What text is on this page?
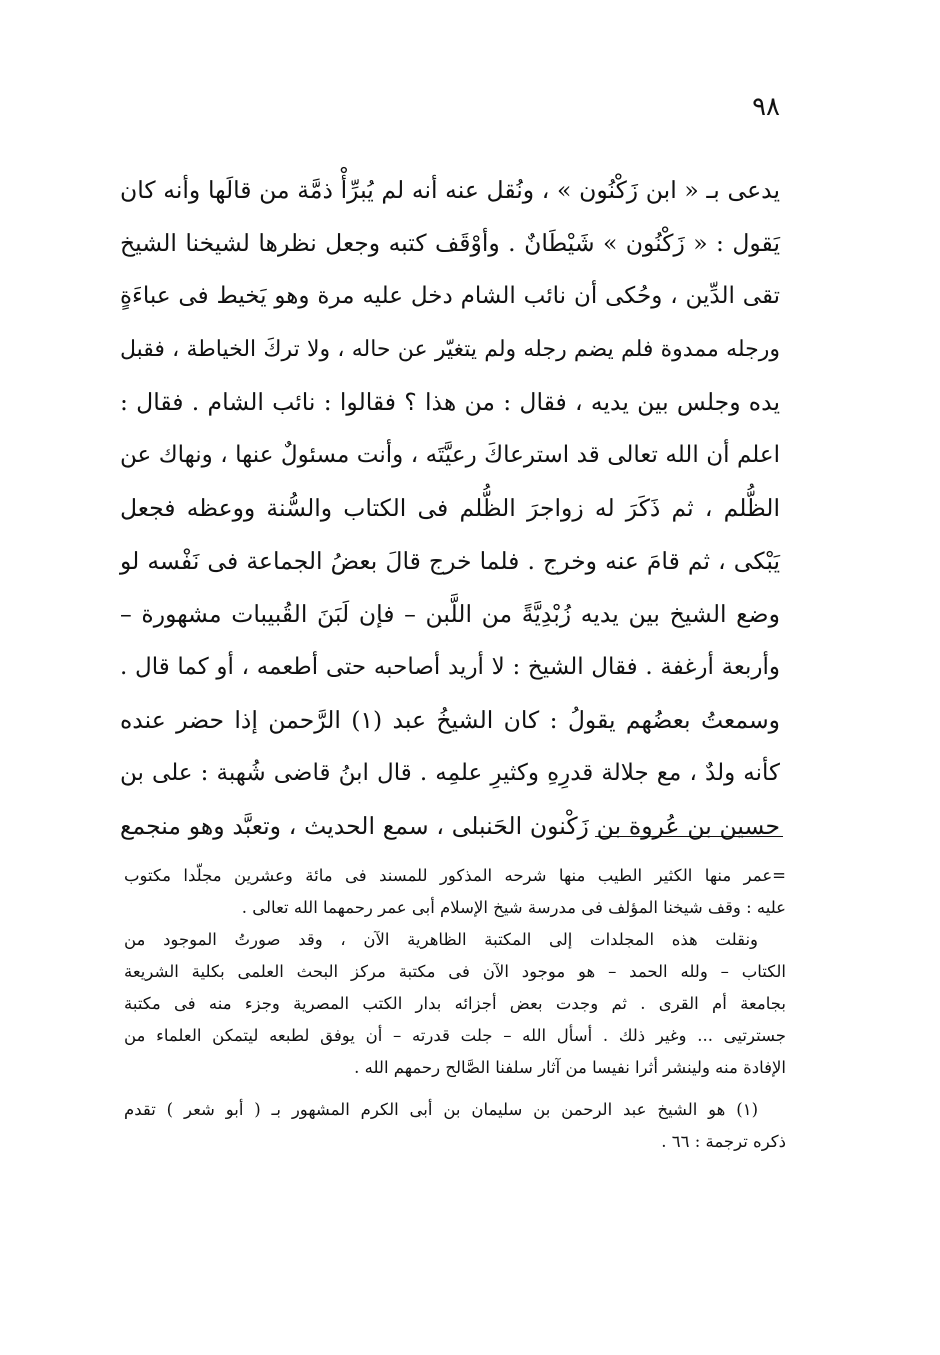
٩٨
يدعى بـ « ابن زَكْنُون » ، ونُقل عنه أنه لم يُبرِّأْ ذمَّة من قالَها وأنه كان
يَقول : « زَكْنُون » شَيْطَانٌ . وأوْقَف كتبه وجعل نظرها لشيخنا الشيخ
تقى الدِّين ، وحُكى أن نائب الشام دخل عليه مرة وهو يَخيط فى عباءَةٍ
ورجله ممدوة فلم يضم رجله ولم يتغيّر عن حاله ، ولا تركَ الخياطة ، فقبل
يده وجلس بين يديه ، فقال : من هذا ؟ فقالوا : نائب الشام . فقال :
اعلم أن الله تعالى قد استرعاكَ رعيَّتَه ، وأنت مسئولٌ عنها ، ونهاك عن
الظُّلم ، ثم ذَكَرَ له زواجرَ الظُّلم فى الكتاب والسُّنة ووعظه فجعل
يَبْكى ، ثم قامَ عنه وخرج . فلما خرج قالَ بعضُ الجماعة فى نَفْسه لو
وضع الشيخ بين يديه زُبْدِيَّةً من اللَّبن – فإن لَبَنَ القُبيبات مشهورة –
وأربعة أرغفة . فقال الشيخ : لا أريد أصاحبه حتى أطعمه ، أو كما قال .
وسمعتُ بعضُهم يقولُ : كان الشيخُ عبد (١) الرَّحمن إذا حضر عنده
كأنه ولدٌ ، مع جلالة قدرِهِ وكثيرِ علمِه . قال ابنُ قاضى شُهبة : على بن
حسين بن عُروة بن زَكْنون الحَنبلى ، سمع الحديث ، وتعبَّد وهو منجمع
=عمر منها الكثير الطيب منها شرحه المذكور للمسند فى مائة وعشرين مجلّدا مكتوب
عليه : وقف شيخنا المؤلف فى مدرسة شيخ الإسلام أبى عمر رحمهما الله تعالى .
ونقلت هذه المجلدات إلى المكتبة الظاهرية الآن ، وقد صورتُ الموجود من
الكتاب – ولله الحمد – هو موجود الآن فى مكتبة مركز البحث العلمى بكلية الشريعة
بجامعة أم القرى . ثم وجدت بعض أجزائه بدار الكتب المصرية وجزء منه فى مكتبة
جسترتيى ... وغير ذلك . أسأل الله – جلت قدرته – أن يوفق لطبعه ليتمكن العلماء من
الإفادة منه ولينشر أثرا نفيسا من آثار سلفنا الصَّالح رحمهم الله .
(١) هو الشيخ عبد الرحمن بن سليمان بن أبى الكرم المشهور بـ ( أبو شعر ) تقدم
ذكره ترجمة : ٦٦ .
